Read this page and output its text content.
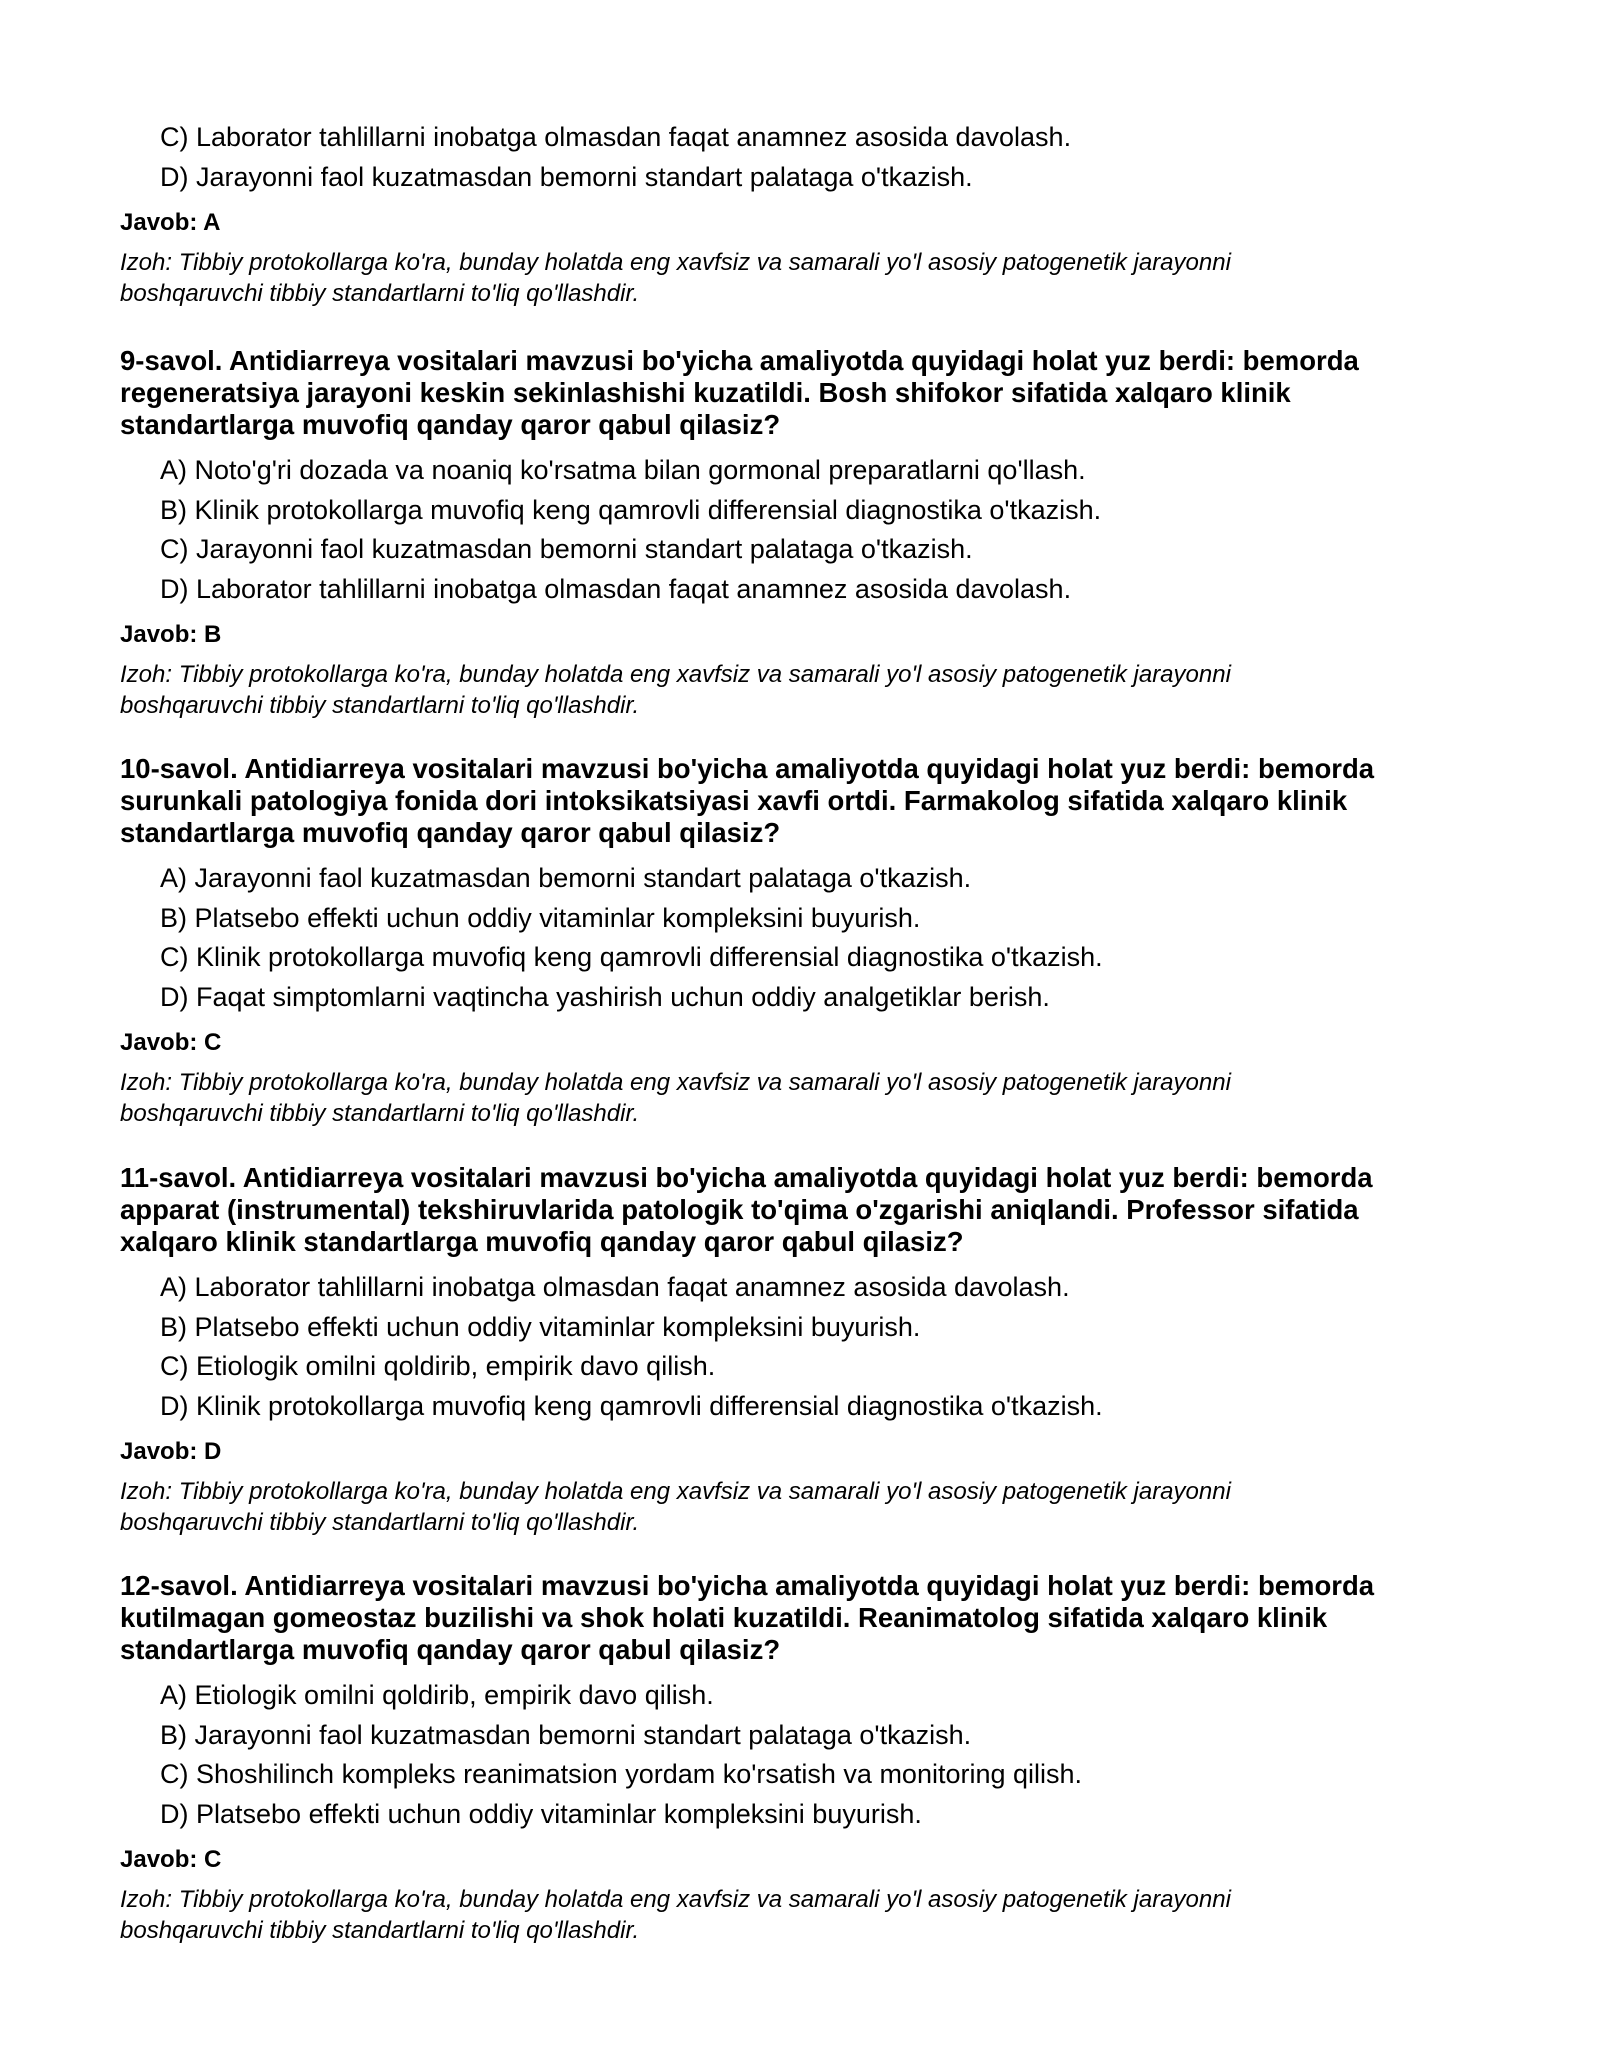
C) Laborator tahlillarni inobatga olmasdan faqat anamnez asosida davolash.
D) Jarayonni faol kuzatmasdan bemorni standart palataga o'tkazish.
Javob: A
Izoh: Tibbiy protokollarga ko'ra, bunday holatda eng xavfsiz va samarali yo'l asosiy patogenetik jarayonni boshqaruvchi tibbiy standartlarni to'liq qo'llashdir.
9-savol. Antidiarreya vositalari mavzusi bo'yicha amaliyotda quyidagi holat yuz berdi: bemorda regeneratsiya jarayoni keskin sekinlashishi kuzatildi. Bosh shifokor sifatida xalqaro klinik standartlarga muvofiq qanday qaror qabul qilasiz?
A) Noto'g'ri dozada va noaniq ko'rsatma bilan gormonal preparatlarni qo'llash.
B) Klinik protokollarga muvofiq keng qamrovli differensial diagnostika o'tkazish.
C) Jarayonni faol kuzatmasdan bemorni standart palataga o'tkazish.
D) Laborator tahlillarni inobatga olmasdan faqat anamnez asosida davolash.
Javob: B
Izoh: Tibbiy protokollarga ko'ra, bunday holatda eng xavfsiz va samarali yo'l asosiy patogenetik jarayonni boshqaruvchi tibbiy standartlarni to'liq qo'llashdir.
10-savol. Antidiarreya vositalari mavzusi bo'yicha amaliyotda quyidagi holat yuz berdi: bemorda surunkali patologiya fonida dori intoksikatsiyasi xavfi ortdi. Farmakolog sifatida xalqaro klinik standartlarga muvofiq qanday qaror qabul qilasiz?
A) Jarayonni faol kuzatmasdan bemorni standart palataga o'tkazish.
B) Platsebo effekti uchun oddiy vitaminlar kompleksini buyurish.
C) Klinik protokollarga muvofiq keng qamrovli differensial diagnostika o'tkazish.
D) Faqat simptomlarni vaqtincha yashirish uchun oddiy analgetiklar berish.
Javob: C
Izoh: Tibbiy protokollarga ko'ra, bunday holatda eng xavfsiz va samarali yo'l asosiy patogenetik jarayonni boshqaruvchi tibbiy standartlarni to'liq qo'llashdir.
11-savol. Antidiarreya vositalari mavzusi bo'yicha amaliyotda quyidagi holat yuz berdi: bemorda apparat (instrumental) tekshiruvlarida patologik to'qima o'zgarishi aniqlandi. Professor sifatida xalqaro klinik standartlarga muvofiq qanday qaror qabul qilasiz?
A) Laborator tahlillarni inobatga olmasdan faqat anamnez asosida davolash.
B) Platsebo effekti uchun oddiy vitaminlar kompleksini buyurish.
C) Etiologik omilni qoldirib, empirik davo qilish.
D) Klinik protokollarga muvofiq keng qamrovli differensial diagnostika o'tkazish.
Javob: D
Izoh: Tibbiy protokollarga ko'ra, bunday holatda eng xavfsiz va samarali yo'l asosiy patogenetik jarayonni boshqaruvchi tibbiy standartlarni to'liq qo'llashdir.
12-savol. Antidiarreya vositalari mavzusi bo'yicha amaliyotda quyidagi holat yuz berdi: bemorda kutilmagan gomeostaz buzilishi va shok holati kuzatildi. Reanimatolog sifatida xalqaro klinik standartlarga muvofiq qanday qaror qabul qilasiz?
A) Etiologik omilni qoldirib, empirik davo qilish.
B) Jarayonni faol kuzatmasdan bemorni standart palataga o'tkazish.
C) Shoshilinch kompleks reanimatsion yordam ko'rsatish va monitoring qilish.
D) Platsebo effekti uchun oddiy vitaminlar kompleksini buyurish.
Javob: C
Izoh: Tibbiy protokollarga ko'ra, bunday holatda eng xavfsiz va samarali yo'l asosiy patogenetik jarayonni boshqaruvchi tibbiy standartlarni to'liq qo'llashdir.
